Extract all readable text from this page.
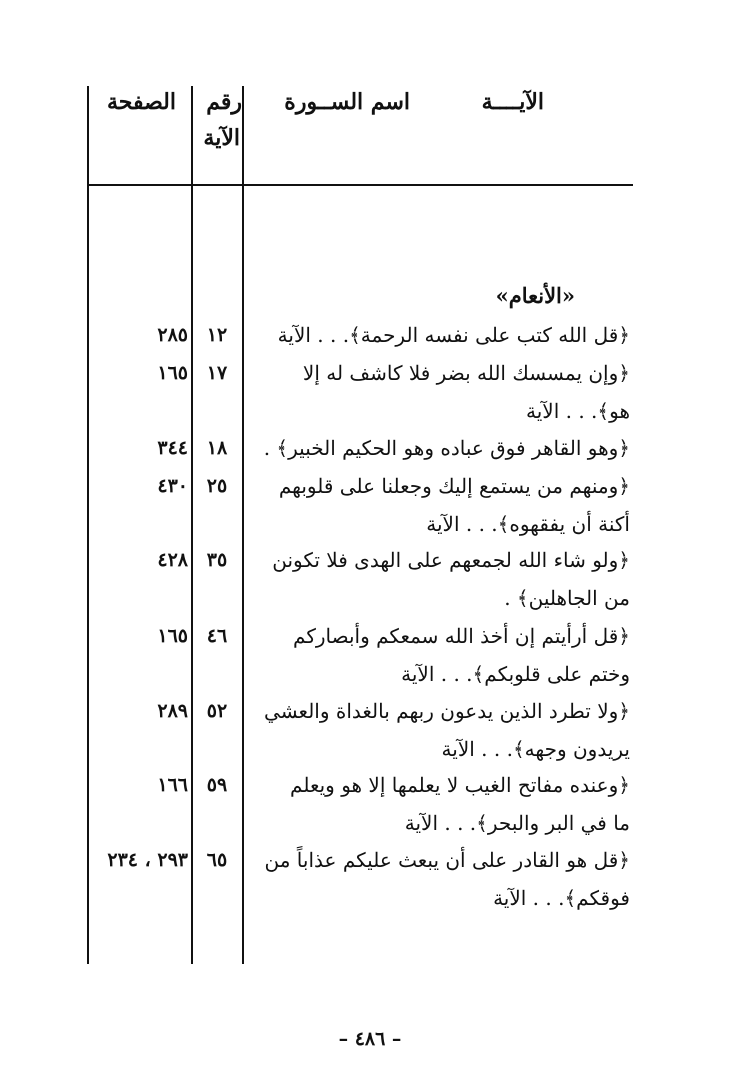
الآيــــة
اسم الســورة
رقم
الآية
الصفحة
«الأنعام»
﴿قل الله كتب على نفسه الرحمة﴾. . . الآية
١٢
٢٨٥
﴿وإن يمسسك الله بضر فلا كاشف له إلا
هو﴾. . . الآية
١٧
١٦٥
﴿وهو القاهر فوق عباده وهو الحكيم الخبير﴾ .
١٨
٣٤٤
﴿ومنهم من يستمع إليك وجعلنا على قلوبهم
أكنة أن يفقهوه﴾. . . الآية
٢٥
٤٣٠
﴿ولو شاء الله لجمعهم على الهدى فلا تكونن
من الجاهلين﴾ .
٣٥
٤٢٨
﴿قل أرأيتم إن أخذ الله سمعكم وأبصاركم
وختم على قلوبكم﴾. . . الآية
٤٦
١٦٥
﴿ولا تطرد الذين يدعون ربهم بالغداة والعشي
يريدون وجهه﴾. . . الآية
٥٢
٢٨٩
﴿وعنده مفاتح الغيب لا يعلمها إلا هو ويعلم
ما في البر والبحر﴾. . . الآية
٥٩
١٦٦
﴿قل هو القادر على أن يبعث عليكم عذاباً من
فوقكم﴾. . . الآية
٦٥
٢٩٣ ، ٢٣٤
– ٤٨٦ –
